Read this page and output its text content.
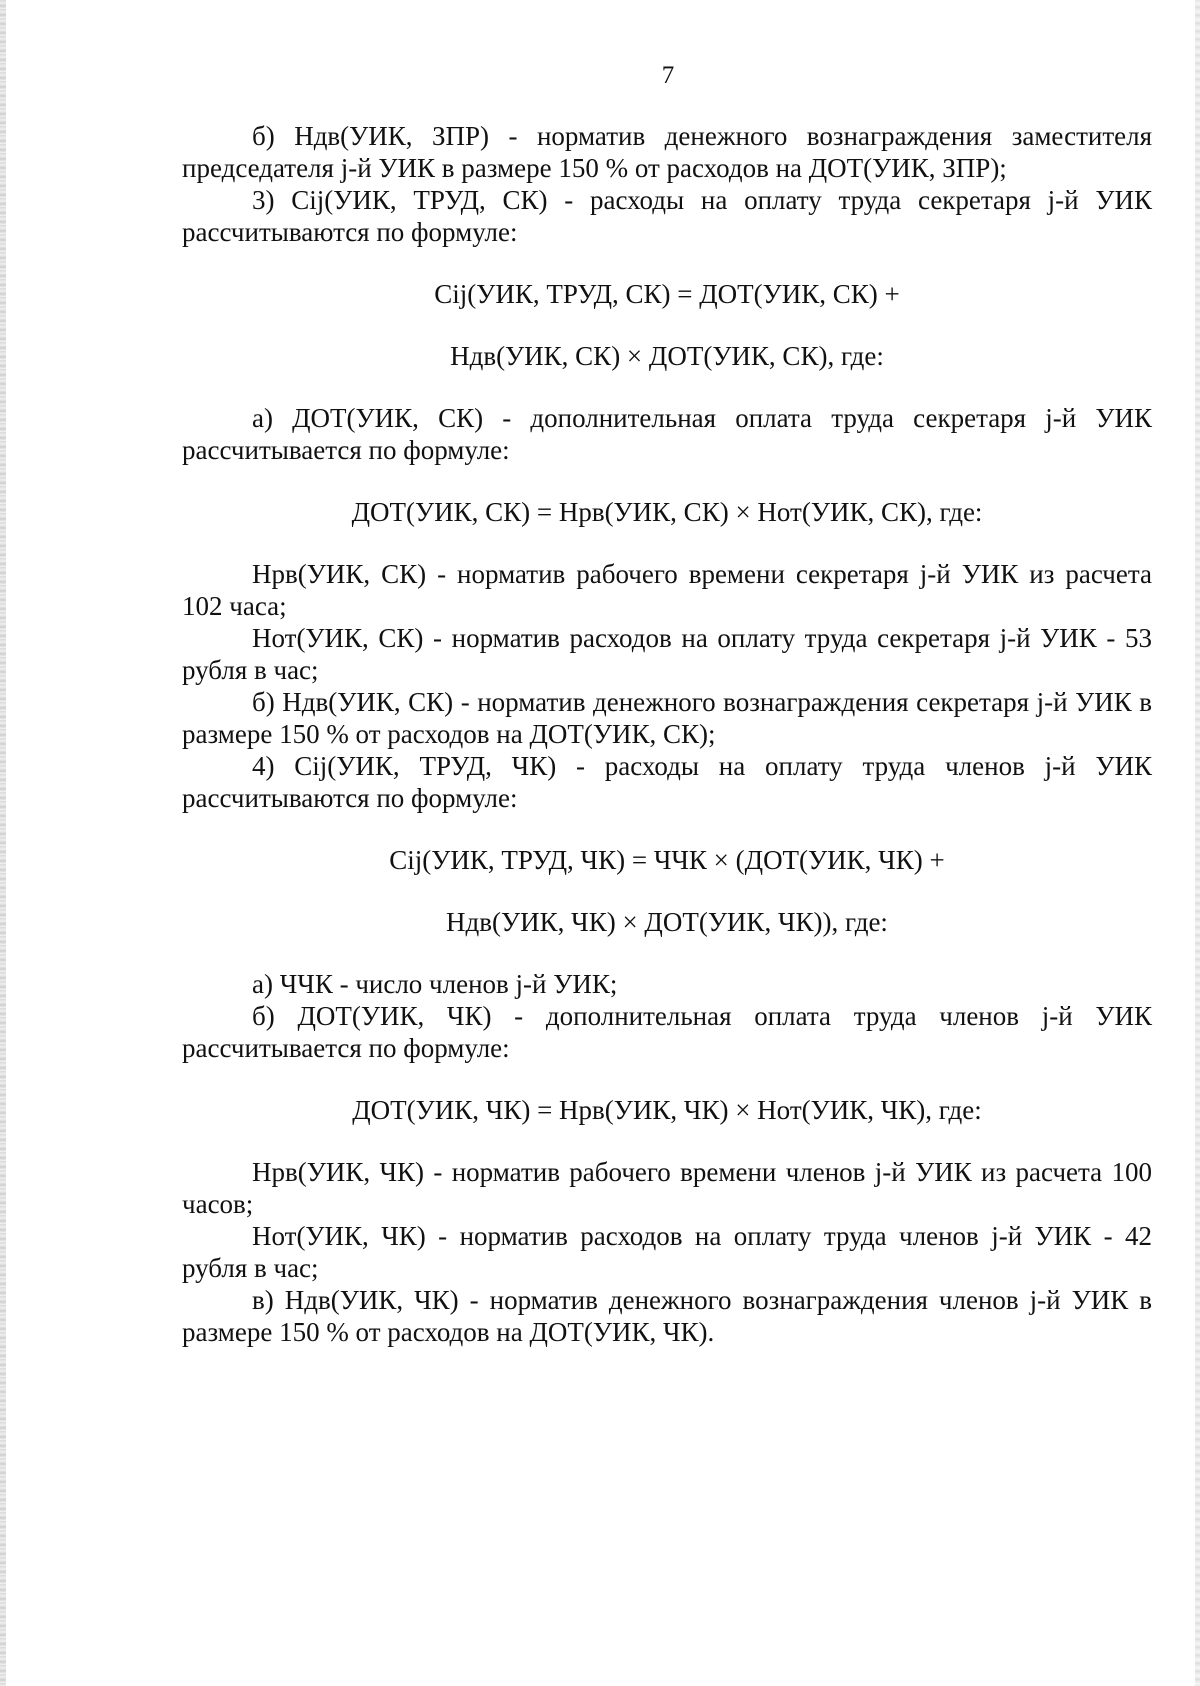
7

б) Ндв(УИК, ЗПР) - норматив денежного вознаграждения заместителя председателя j-й УИК в размере 150 % от расходов на ДОТ(УИК, ЗПР);

3) Cij(УИК, ТРУД, СК) - расходы на оплату труда секретаря j-й УИК рассчитываются по формуле:

Cij(УИК, ТРУД, СК) = ДОТ(УИК, СК) +

Ндв(УИК, СК) × ДОТ(УИК, СК), где:

а) ДОТ(УИК, СК) - дополнительная оплата труда секретаря j-й УИК рассчитывается по формуле:

ДОТ(УИК, СК) = Нрв(УИК, СК) × Нот(УИК, СК), где:

Нрв(УИК, СК) - норматив рабочего времени секретаря j-й УИК из расчета 102 часа;

Нот(УИК, СК) - норматив расходов на оплату труда секретаря j-й УИК - 53 рубля в час;

б) Ндв(УИК, СК) - норматив денежного вознаграждения секретаря j-й УИК в размере 150 % от расходов на ДОТ(УИК, СК);

4) Cij(УИК, ТРУД, ЧК) - расходы на оплату труда членов j-й УИК рассчитываются по формуле:

Cij(УИК, ТРУД, ЧК) = ЧЧК × (ДОТ(УИК, ЧК) +

Ндв(УИК, ЧК) × ДОТ(УИК, ЧК)), где:

а) ЧЧК - число членов j-й УИК;

б) ДОТ(УИК, ЧК) - дополнительная оплата труда членов j-й УИК рассчитывается по формуле:

ДОТ(УИК, ЧК) = Нрв(УИК, ЧК) × Нот(УИК, ЧК), где:

Нрв(УИК, ЧК) - норматив рабочего времени членов j-й УИК из расчета 100 часов;

Нот(УИК, ЧК) - норматив расходов на оплату труда членов j-й УИК - 42 рубля в час;

в) Ндв(УИК, ЧК) - норматив денежного вознаграждения членов j-й УИК в размере 150 % от расходов на ДОТ(УИК, ЧК).
